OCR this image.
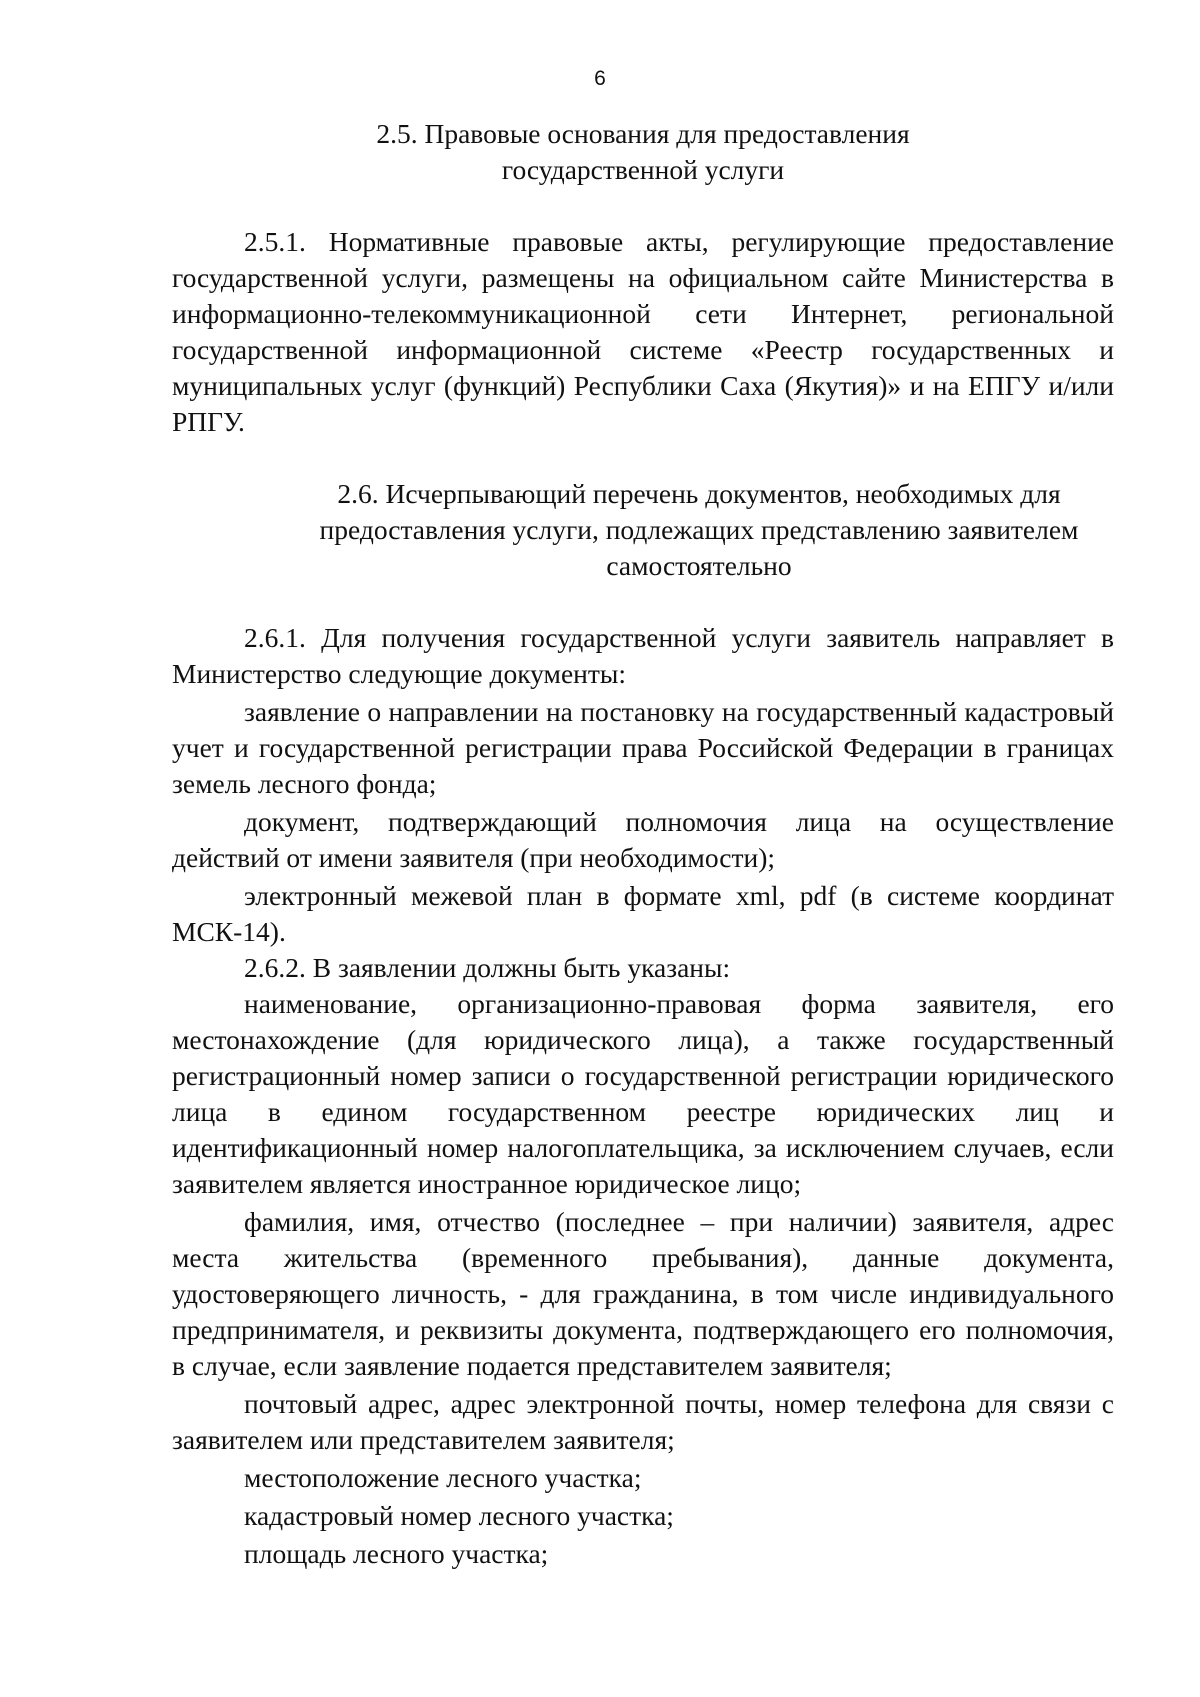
6
2.5. Правовые основания для предоставления
государственной услуги

2.5.1. Нормативные правовые акты, регулирующие предоставление государственной услуги, размещены на официальном сайте Министерства в информационно-телекоммуникационной сети Интернет, региональной государственной информационной системе «Реестр государственных и муниципальных услуг (функций) Республики Саха (Якутия)» и на ЕПГУ и/или РПГУ.

2.6. Исчерпывающий перечень документов, необходимых для
предоставления услуги, подлежащих представлению заявителем
самостоятельно

2.6.1. Для получения государственной услуги заявитель направляет в Министерство следующие документы:

заявление о направлении на постановку на государственный кадастровый учет и государственной регистрации права Российской Федерации в границах земель лесного фонда;

документ, подтверждающий полномочия лица на осуществление действий от имени заявителя (при необходимости);

электронный межевой план в формате xml, pdf (в системе координат МСК-14).

2.6.2. В заявлении должны быть указаны:

наименование, организационно-правовая форма заявителя, его местонахождение (для юридического лица), а также государственный регистрационный номер записи о государственной регистрации юридического лица в едином государственном реестре юридических лиц и идентификационный номер налогоплательщика, за исключением случаев, если заявителем является иностранное юридическое лицо;

фамилия, имя, отчество (последнее – при наличии) заявителя, адрес места жительства (временного пребывания), данные документа, удостоверяющего личность, - для гражданина, в том числе индивидуального предпринимателя, и реквизиты документа, подтверждающего его полномочия, в случае, если заявление подается представителем заявителя;

почтовый адрес, адрес электронной почты, номер телефона для связи с заявителем или представителем заявителя;

местоположение лесного участка;

кадастровый номер лесного участка;

площадь лесного участка;
